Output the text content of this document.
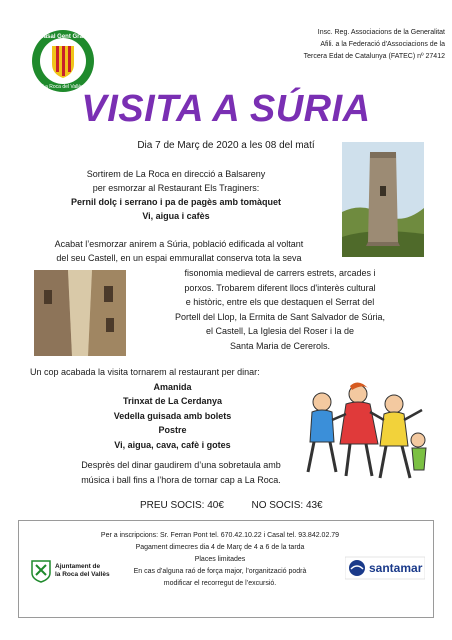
Casal Gent Gran
La Roca del Vallès
Insc. Reg. Associacions de la Generalitat
Afili. a la Federació d'Associacions de la
Tercera Edat de Catalunya (FATEC) nº 27412
VISITA A SÚRIA
Dia 7 de Març de 2020 a les 08 del matí
Sortirem de La Roca en direcció a Balsareny
per esmorzar al Restaurant Els Traginers:
Pernil dolç i serrano i pa de pagès amb tomàquet
Vi, aigua i cafès
Acabat l’esmorzar anirem a Súria, població edificada al voltant
del seu Castell, en un espai emmurallat conserva tota la seva
fisonomia medieval de carrers estrets, arcades i
porxos. Trobarem diferent llocs d'interès cultural
e històric, entre els que destaquen el Serrat del
Portell del Llop, la Ermita de Sant Salvador de Súria,
el Castell, La Iglesia del Roser i la de
Santa Maria de Cererols.
Un cop acabada la visita tornarem al restaurant per dinar:
Amanida
Trinxat de La Cerdanya
Vedella guisada amb bolets
Postre
Vi, aigua, cava, cafè i gotes
Desprès del dinar gaudirem d’una sobretaula amb
música i ball fins a l’hora de tornar cap a La Roca.
PREU SOCIS: 40€	NO SOCIS: 43€
Per a inscripcions: Sr. Ferran Pont tel. 670.42.10.22 i Casal tel. 93.842.02.79
Pagament dimecres dia 4 de Març de 4 a 6 de la tarda
Places limitades
En cas d’alguna raó de força major, l’organització podrà
modificar el recorregut de l’excursió.
Ajuntament de
la Roca del Vallès	santamar
